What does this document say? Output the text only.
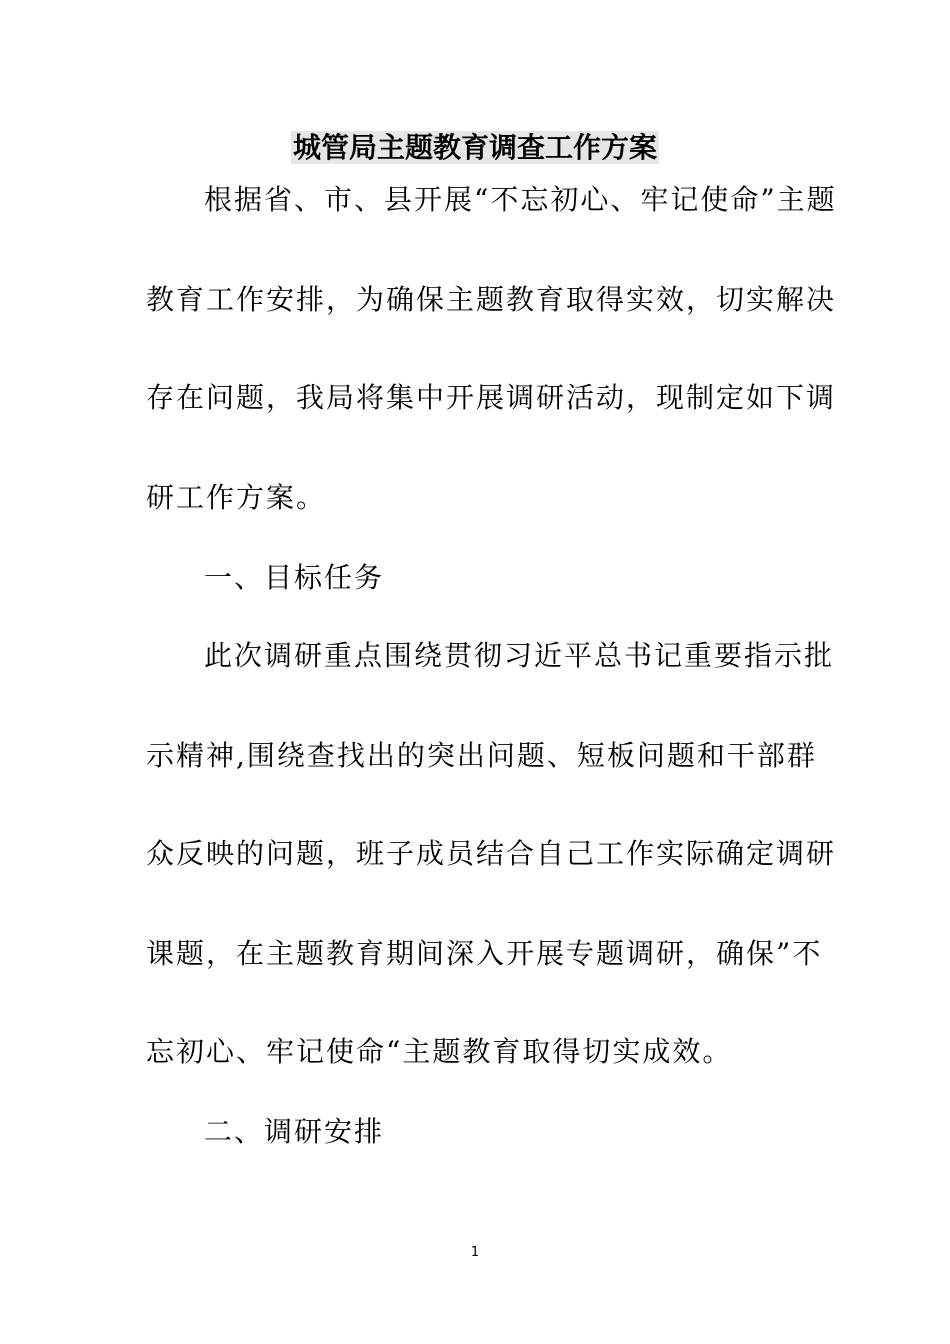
城管局主题教育调查工作方案
根据省、市、县开展“不忘初心、牢记使命”主题
教育工作安排，为确保主题教育取得实效，切实解决
存在问题，我局将集中开展调研活动，现制定如下调
研工作方案。
一、目标任务
此次调研重点围绕贯彻习近平总书记重要指示批
示精神,围绕查找出的突出问题、短板问题和干部群
众反映的问题，班子成员结合自己工作实际确定调研
课题，在主题教育期间深入开展专题调研，确保”不
忘初心、牢记使命“主题教育取得切实成效。
二、调研安排
1
